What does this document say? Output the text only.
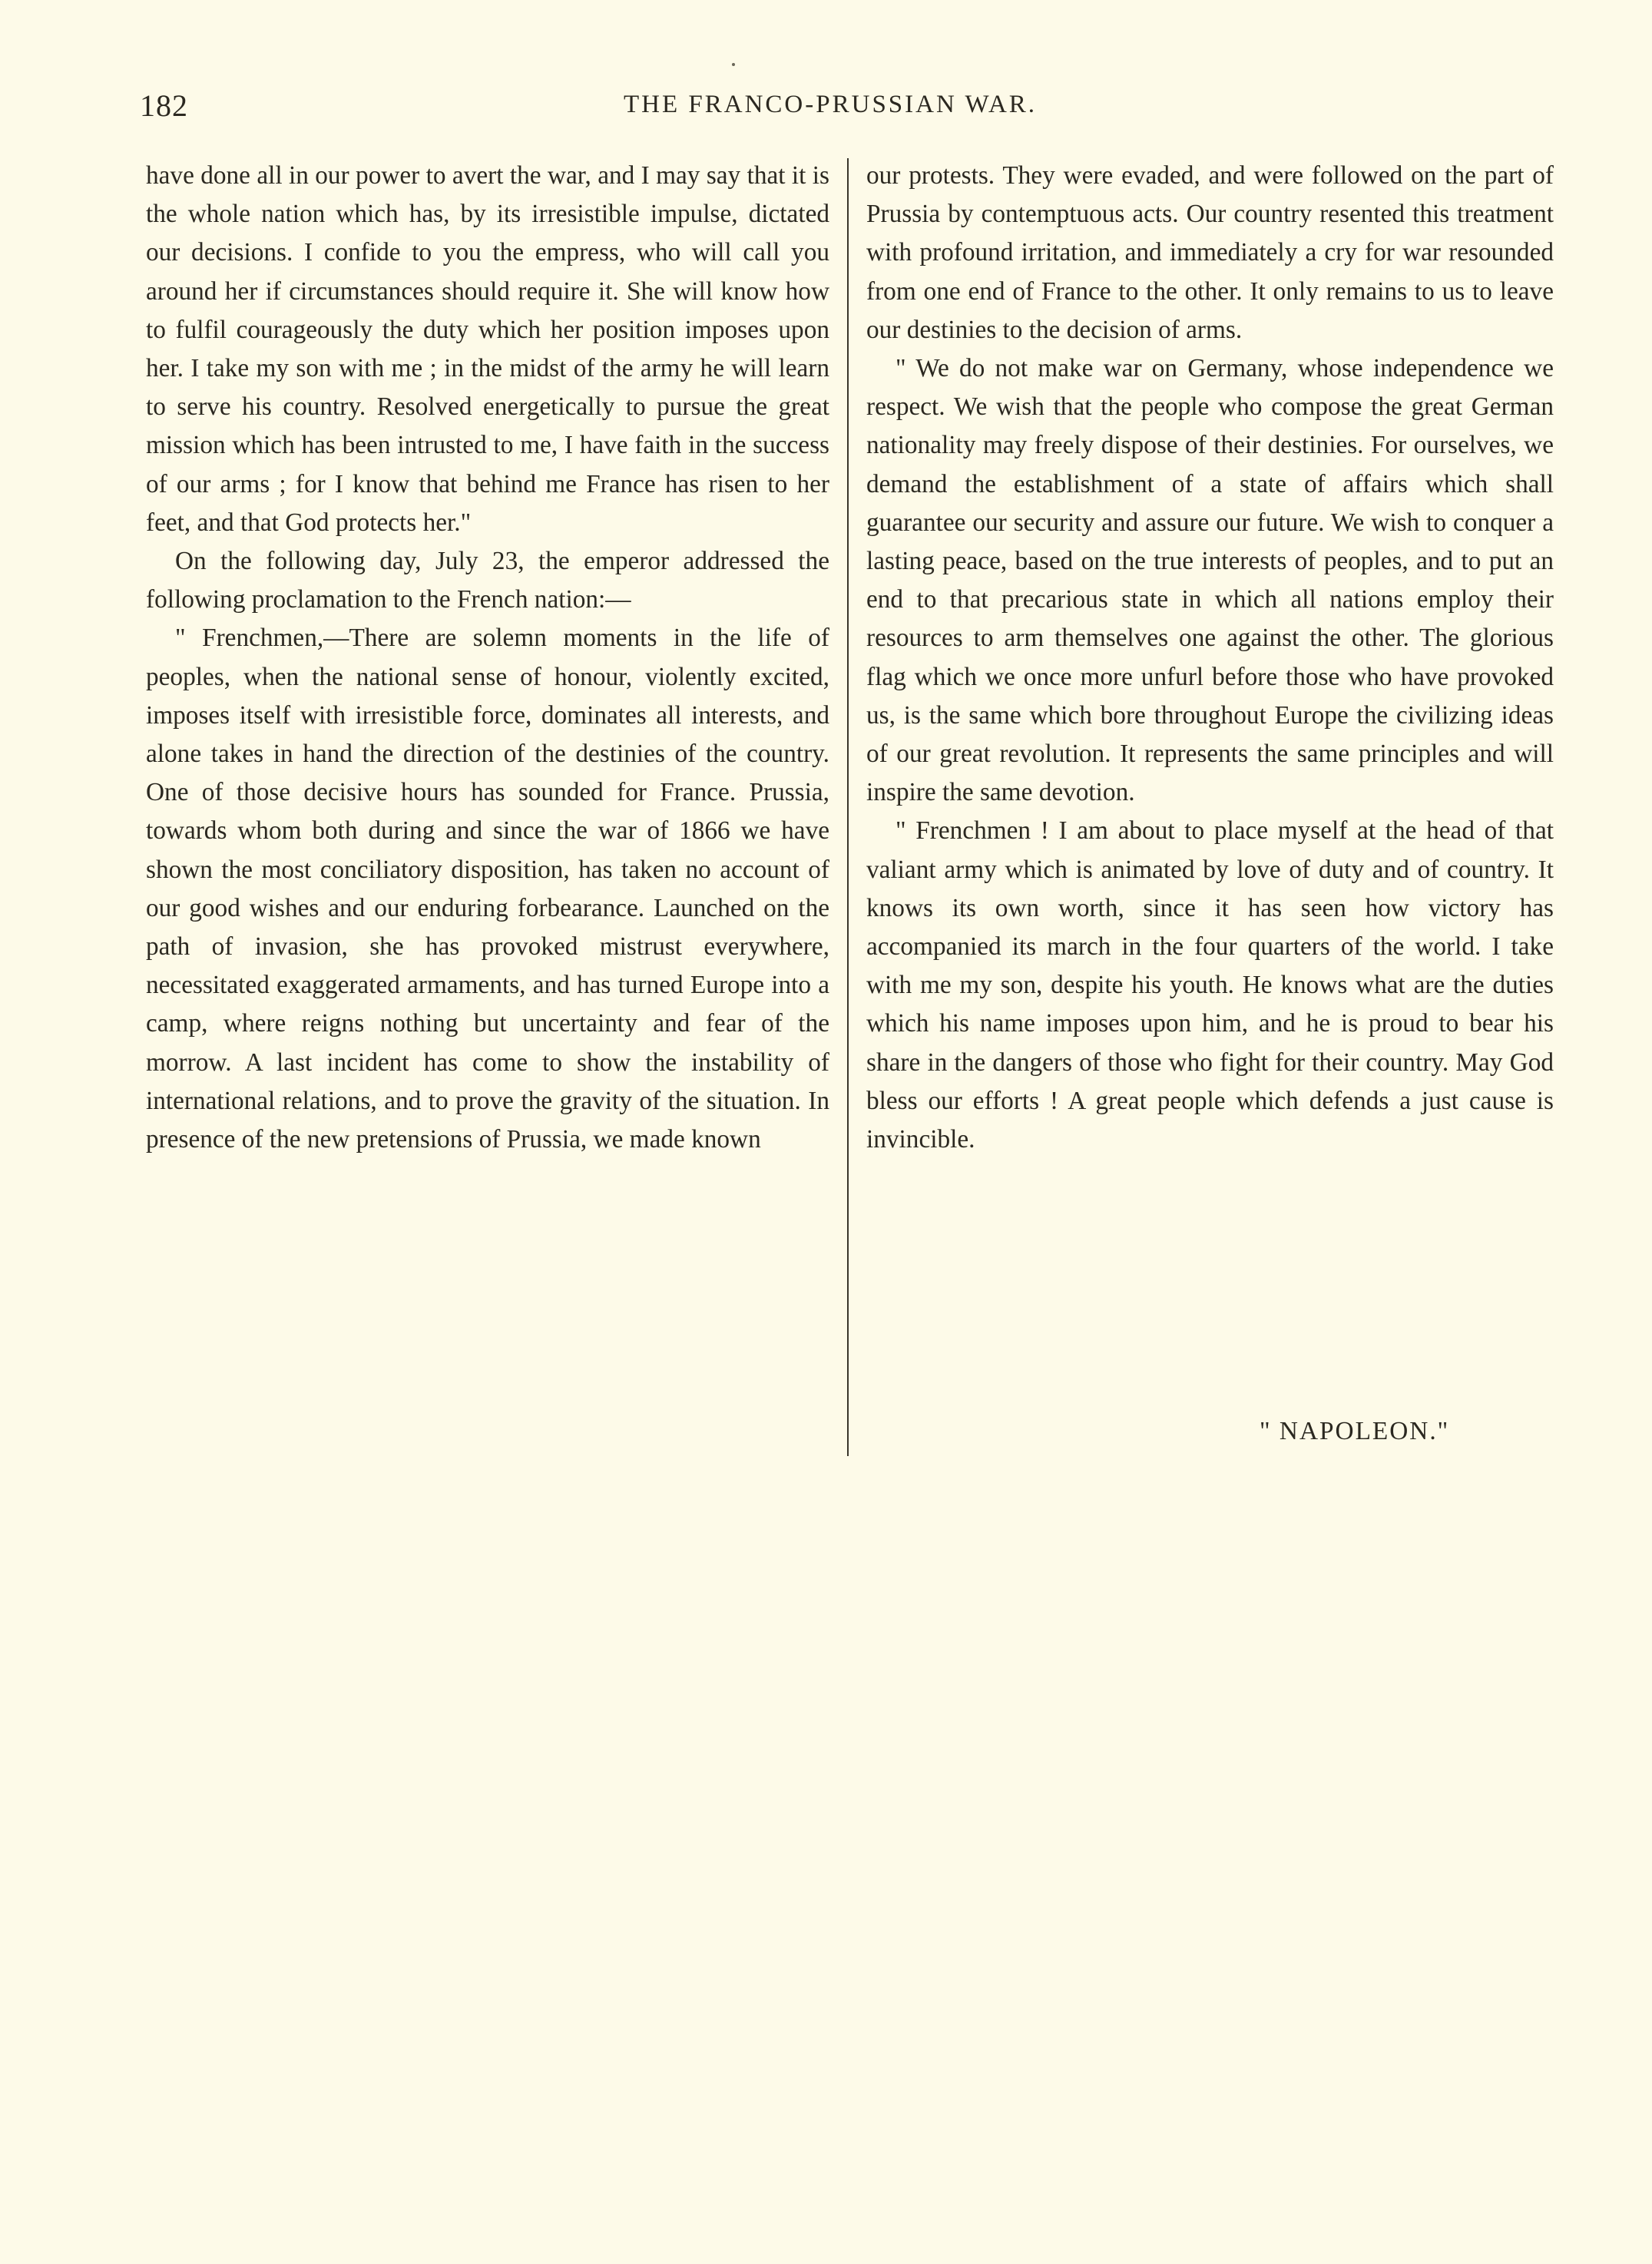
182	THE FRANCO-PRUSSIAN WAR.

have done all in our power to avert the war, and I may say that it is the whole nation which has, by its irresistible impulse, dictated our decisions. I confide to you the empress, who will call you around her if circumstances should require it. She will know how to fulfil courageously the duty which her position imposes upon her. I take my son with me ; in the midst of the army he will learn to serve his country. Resolved energetically to pursue the great mission which has been intrusted to me, I have faith in the success of our arms ; for I know that behind me France has risen to her feet, and that God protects her."

On the following day, July 23, the emperor addressed the following proclamation to the French nation:—

" Frenchmen,—There are solemn moments in the life of peoples, when the national sense of honour, violently excited, imposes itself with irresistible force, dominates all interests, and alone takes in hand the direction of the destinies of the country. One of those decisive hours has sounded for France. Prussia, towards whom both during and since the war of 1866 we have shown the most conciliatory disposition, has taken no account of our good wishes and our enduring forbearance. Launched on the path of invasion, she has provoked mistrust everywhere, necessitated exaggerated armaments, and has turned Europe into a camp, where reigns nothing but uncertainty and fear of the morrow. A last incident has come to show the instability of international relations, and to prove the gravity of the situation. In presence of the new pretensions of Prussia, we made known

our protests. They were evaded, and were followed on the part of Prussia by contemptuous acts. Our country resented this treatment with profound irritation, and immediately a cry for war resounded from one end of France to the other. It only remains to us to leave our destinies to the decision of arms.

" We do not make war on Germany, whose independence we respect. We wish that the people who compose the great German nationality may freely dispose of their destinies. For ourselves, we demand the establishment of a state of affairs which shall guarantee our security and assure our future. We wish to conquer a lasting peace, based on the true interests of peoples, and to put an end to that precarious state in which all nations employ their resources to arm themselves one against the other. The glorious flag which we once more unfurl before those who have provoked us, is the same which bore throughout Europe the civilizing ideas of our great revolution. It represents the same principles and will inspire the same devotion.

" Frenchmen ! I am about to place myself at the head of that valiant army which is animated by love of duty and of country. It knows its own worth, since it has seen how victory has accompanied its march in the four quarters of the world. I take with me my son, despite his youth. He knows what are the duties which his name imposes upon him, and he is proud to bear his share in the dangers of those who fight for their country. May God bless our efforts ! A great people which defends a just cause is invincible.

" NAPOLEON."
